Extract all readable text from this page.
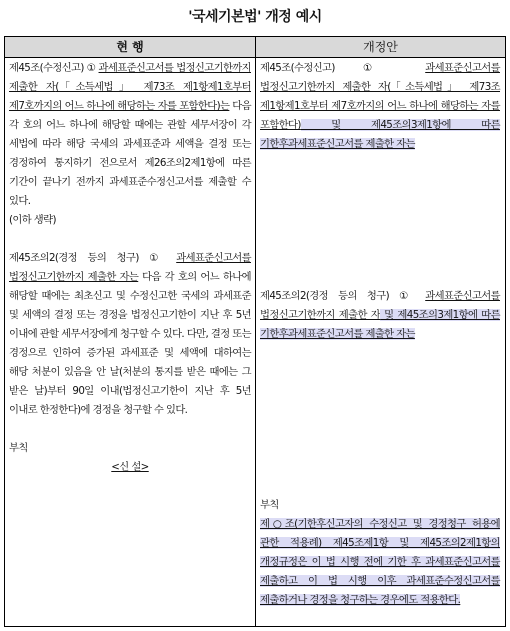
'국세기본법' 개정 예시
현 행	개정안

제45조(수정신고) ① 과세표준신고서를 법정신고기한까지 제출한 자(「소득세법」 제73조 제1항제1호부터 제7호까지의 어느 하나에 해당하는 자를 포함한다)는 다음 각 호의 어느 하나에 해당할 때에는 관할 세무서장이 각 세법에 따라 해당 국세의 과세표준과 세액을 결정 또는 경정하여 통지하기 전으로서 제26조의2제1항에 따른 기간이 끝나기 전까지 과세표준수정신고서를 제출할 수 있다.

(이하 생략)

제45조의2(경정 등의 청구) ① 과세표준신고서를 법정신고기한까지 제출한 자는 다음 각 호의 어느 하나에 해당할 때에는 최초신고 및 수정신고한 국세의 과세표준 및 세액의 결정 또는 경정을 법정신고기한이 지난 후 5년 이내에 관할 세무서장에게 청구할 수 있다. 다만, 결정 또는 경정으로 인하여 증가된 과세표준 및 세액에 대하여는 해당 처분이 있음을 안 날(처분의 통지를 받은 때에는 그 받은 날)부터 90일 이내(법정신고기한이 지난 후 5년 이내로 한정한다)에 경정을 청구할 수 있다.

부칙

<신 설>

제45조(수정신고) ① 과세표준신고서를 법정신고기한까지 제출한 자(「소득세법」 제73조 제1항제1호부터 제7호까지의 어느 하나에 해당하는 자를 포함한다) 및 제45조의3제1항에 따른 기한후과세표준신고서를 제출한 자는

제45조의2(경정 등의 청구) ① 과세표준신고서를 법정신고기한까지 제출한 자 및 제45조의3제1항에 따른 기한후과세표준신고서를 제출한 자는

부칙

제○조(기한후신고자의 수정신고 및 경정청구 허용에 관한 적용례) 제45조제1항 및 제45조의2제1항의 개정규정은 이 법 시행 전에 기한 후 과세표준신고서를 제출하고 이 법 시행 이후 과세표준수정신고서를 제출하거나 경정을 청구하는 경우에도 적용한다.
